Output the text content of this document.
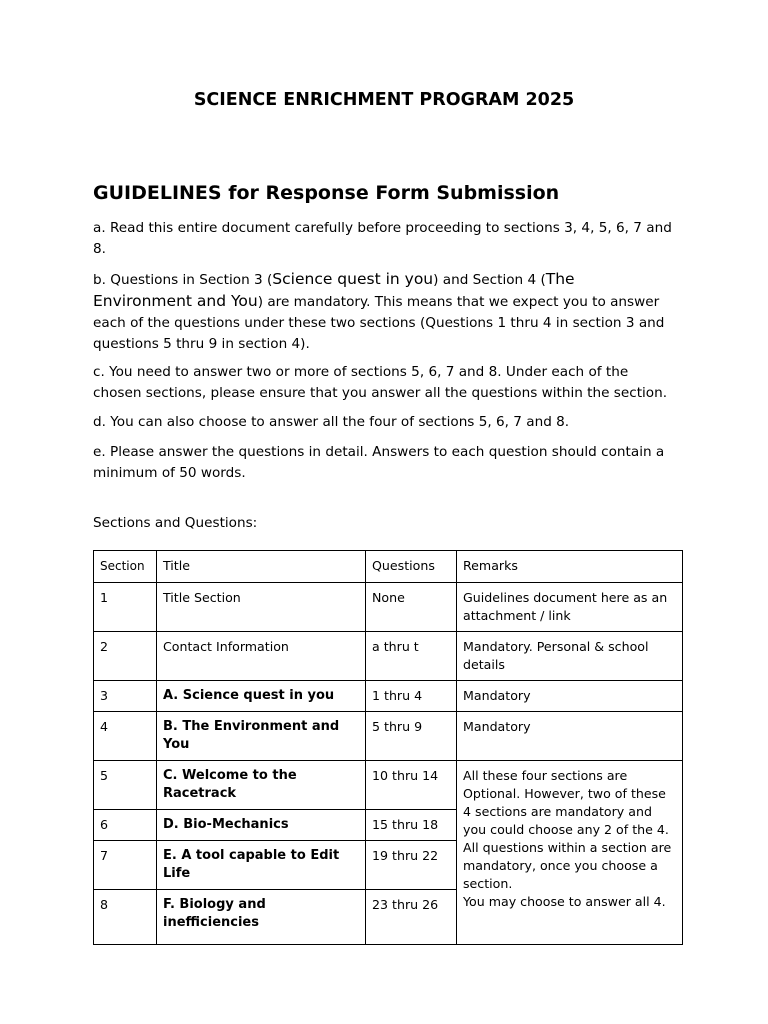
SCIENCE ENRICHMENT PROGRAM 2025
GUIDELINES for Response Form Submission
a. Read this entire document carefully before proceeding to sections 3, 4, 5, 6, 7 and 8.
b. Questions in Section 3 (Science quest in you) and Section 4 (The Environment and You) are mandatory. This means that we expect you to answer each of the questions under these two sections (Questions 1 thru 4 in section 3 and questions 5 thru 9 in section 4).
c. You need to answer two or more of sections 5, 6, 7 and 8. Under each of the chosen sections, please ensure that you answer all the questions within the section.
d. You can also choose to answer all the four of sections 5, 6, 7 and 8.
e. Please answer the questions in detail. Answers to each question should contain a minimum of 50 words.
Sections and Questions:
Section	Title	Questions	Remarks
1	Title Section	None	Guidelines document here as an attachment / link
2	Contact Information	a thru t	Mandatory. Personal & school details
3	A. Science quest in you	1 thru 4	Mandatory
4	B. The Environment and You	5 thru 9	Mandatory
5	C. Welcome to the Racetrack	10 thru 14	All these four sections are Optional. However, two of these 4 sections are mandatory and you could choose any 2 of the 4. All questions within a section are mandatory, once you choose a section.
You may choose to answer all 4.
6	D. Bio-Mechanics	15 thru 18	
7	E. A tool capable to Edit Life	19 thru 22	
8	F. Biology and inefficiencies	23 thru 26	
